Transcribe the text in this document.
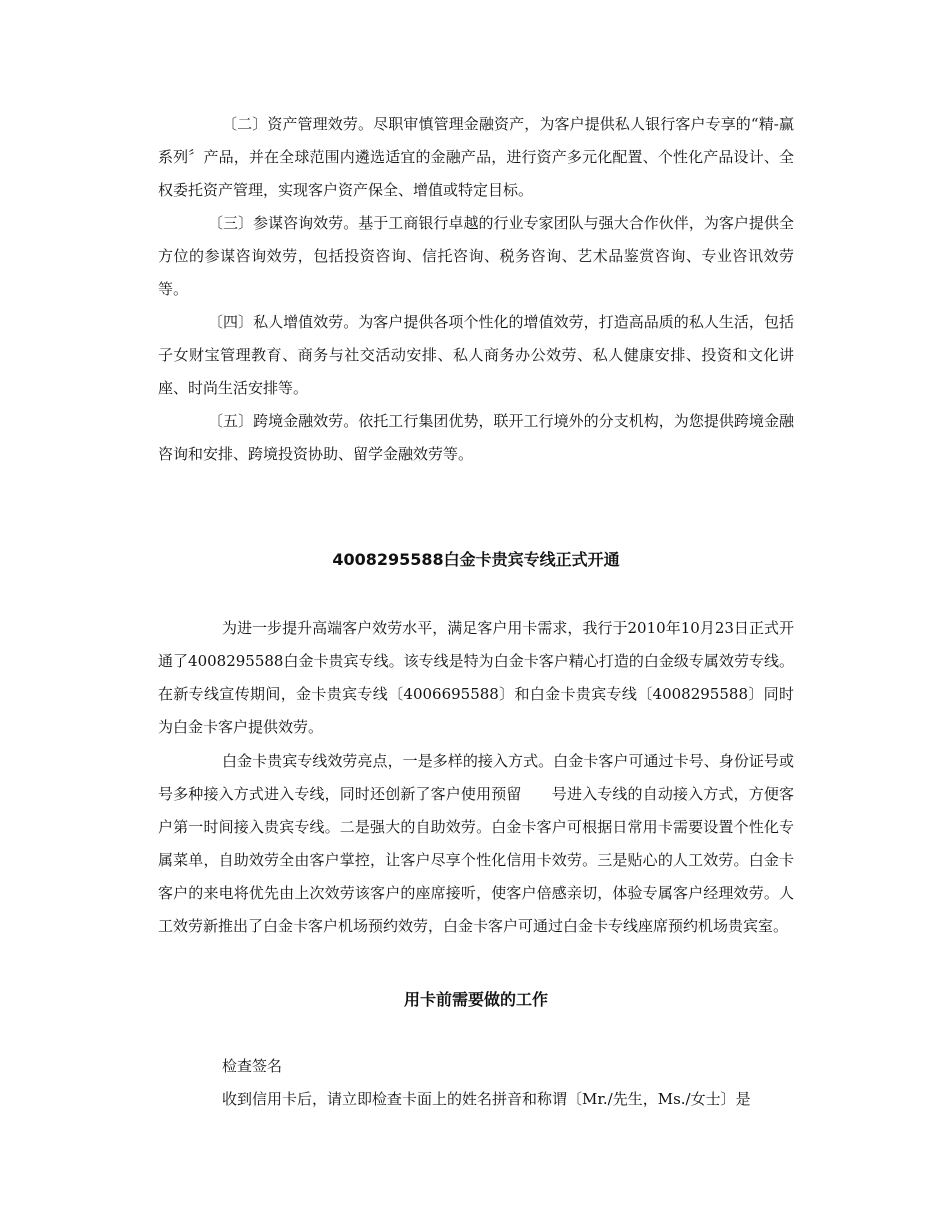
〔二〕资产管理效劳。尽职审慎管理金融资产，为客户提供私人银行客户专享的“精-赢系列〞产品，并在全球范围内遴选适宜的金融产品，进行资产多元化配置、个性化产品设计、全权委托资产管理，实现客户资产保全、增值或特定目标。

〔三〕参谋咨询效劳。基于工商银行卓越的行业专家团队与强大合作伙伴，为客户提供全方位的参谋咨询效劳，包括投资咨询、信托咨询、税务咨询、艺术品鉴赏咨询、专业咨讯效劳等。

〔四〕私人增值效劳。为客户提供各项个性化的增值效劳，打造高品质的私人生活，包括子女财宝管理教育、商务与社交活动安排、私人商务办公效劳、私人健康安排、投资和文化讲座、时尚生活安排等。

〔五〕跨境金融效劳。依托工行集团优势，联开工行境外的分支机构，为您提供跨境金融咨询和安排、跨境投资协助、留学金融效劳等。

4008295588白金卡贵宾专线正式开通

为进一步提升高端客户效劳水平，满足客户用卡需求，我行于2010年10月23日正式开通了4008295588白金卡贵宾专线。该专线是特为白金卡客户精心打造的白金级专属效劳专线。在新专线宣传期间，金卡贵宾专线〔4006695588〕和白金卡贵宾专线〔4008295588〕同时为白金卡客户提供效劳。

白金卡贵宾专线效劳亮点，一是多样的接入方式。白金卡客户可通过卡号、身份证号或　　号多种接入方式进入专线，同时还创新了客户使用预留　　号进入专线的自动接入方式，方便客户第一时间接入贵宾专线。二是强大的自助效劳。白金卡客户可根据日常用卡需要设置个性化专属菜单，自助效劳全由客户掌控，让客户尽享个性化信用卡效劳。三是贴心的人工效劳。白金卡客户的来电将优先由上次效劳该客户的座席接听，使客户倍感亲切，体验专属客户经理效劳。人工效劳新推出了白金卡客户机场预约效劳，白金卡客户可通过白金卡专线座席预约机场贵宾室。

用卡前需要做的工作

检查签名

收到信用卡后，请立即检查卡面上的姓名拼音和称谓〔Mr./先生，Ms./女士〕是
